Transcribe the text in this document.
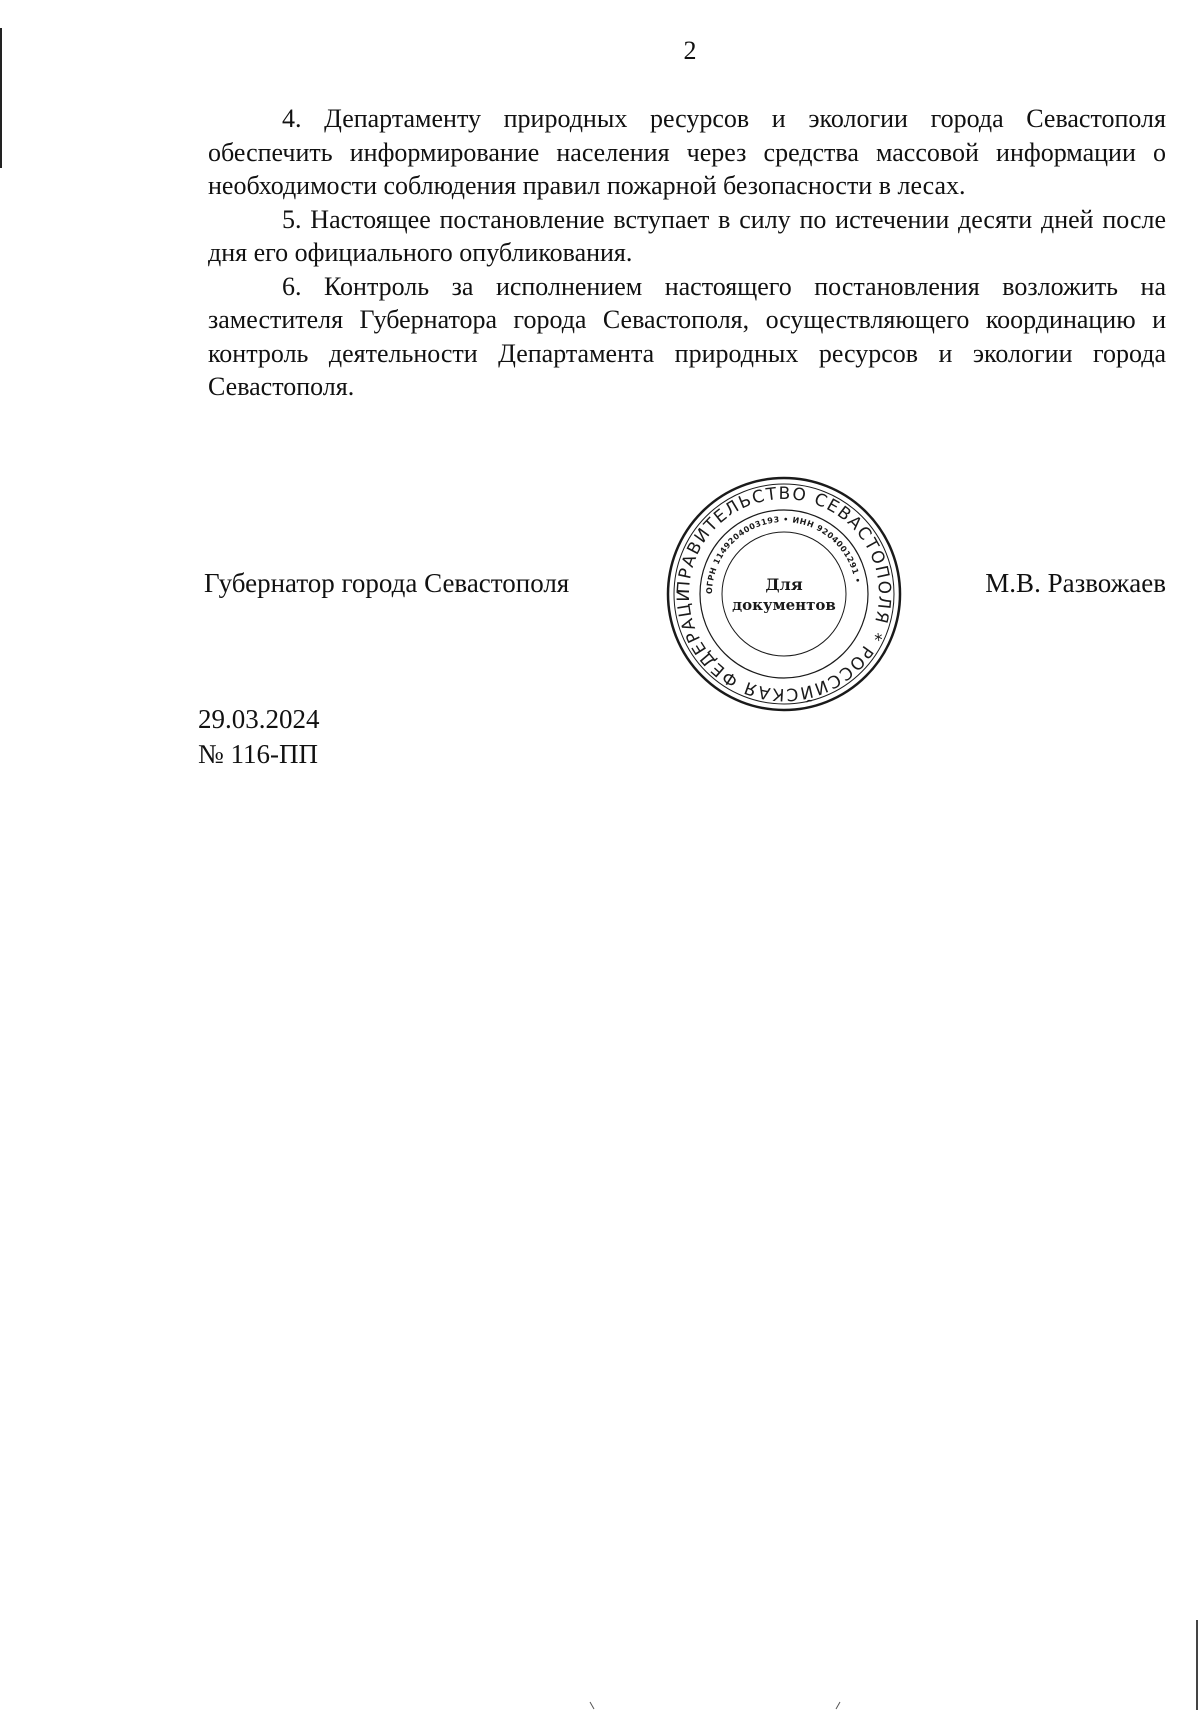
2

4. Департаменту природных ресурсов и экологии города Севастополя обеспечить информирование населения через средства массовой информации о необходимости соблюдения правил пожарной безопасности в лесах.

5. Настоящее постановление вступает в силу по истечении десяти дней после дня его официального опубликования.

6. Контроль за исполнением настоящего постановления возложить на заместителя Губернатора города Севастополя, осуществляющего координацию и контроль деятельности Департамента природных ресурсов и экологии города Севастополя.

Губернатор города Севастополя	М.В. Развожаев
ПРАВИТЕЛЬСТВО СЕВАСТОПОЛЯ * РОССИЙСКАЯ ФЕДЕРАЦИ	ОГРН 1149204003193 • ИНН 9204001291 •
Для
документов
29.03.2024
№ 116-ПП
